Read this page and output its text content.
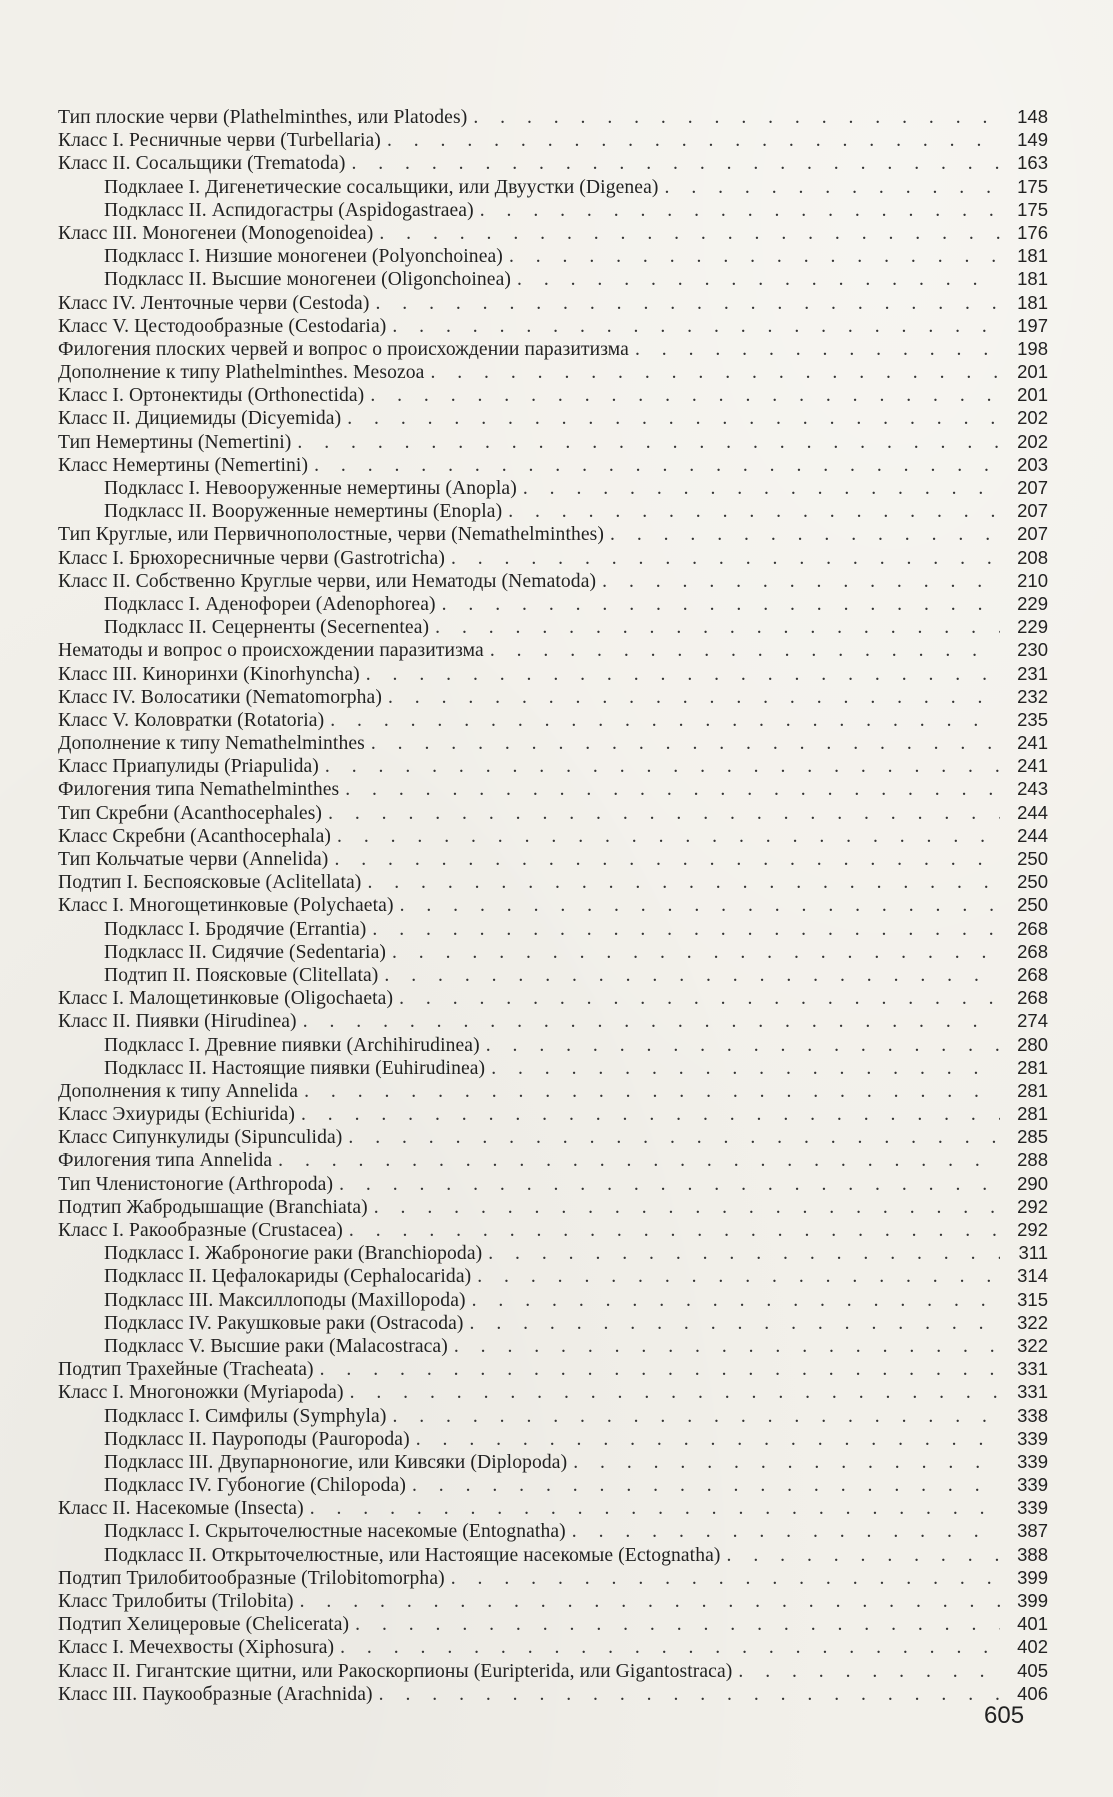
Тип плоские черви (Plathelminthes, или Platodes) . . .	148
Класс I. Ресничные черви (Turbellaria) . . .	149
Класс II. Сосальщики (Trematoda) . . .	163
Подклаее I. Дигенетические сосальщики, или Двуустки (Digenea) . . .	175
Подкласс II. Аспидогастры (Aspidogastraea) . . .	175
Класс III. Моногенеи (Monogenoidea) . . .	176
Подкласс I. Низшие моногенеи (Polyonchoinea) . . .	181
Подкласс II. Высшие моногенеи (Oligonchoinea) . . .	181
Класс IV. Ленточные черви (Cestoda) . . .	181
Класс V. Цестодообразные (Cestodaria) . . .	197
Филогения плоских червей и вопрос о происхождении паразитизма . . .	198
Дополнение к типу Plathelminthes. Mesozoa . . .	201
Класс I. Ортонектиды (Orthonectida) . . .	201
Класс II. Дициемиды (Dicyemida) . . .	202
Тип Немертины (Nemertini) . . .	202
Класс Немертины (Nemertini) . . .	203
Подкласс I. Невооруженные немертины (Anopla) . . .	207
Подкласс II. Вооруженные немертины (Enopla) . . .	207
Тип Круглые, или Первичнополостные, черви (Nemathelminthes) . . .	207
Класс I. Брюхоресничные черви (Gastrotricha) . . .	208
Класс II. Собственно Круглые черви, или Нематоды (Nematoda) . . .	210
Подкласс I. Аденофореи (Adenophorea) . . .	229
Подкласс II. Сецерненты (Secernentea) . . .	229
Нематоды и вопрос о происхождении паразитизма . . .	230
Класс III. Киноринхи (Kinorhyncha) . . .	231
Класс IV. Волосатики (Nematomorpha) . . .	232
Класс V. Коловратки (Rotatoria) . . .	235
Дополнение к типу Nemathelminthes . . .	241
Класс Приапулиды (Priapulida) . . .	241
Филогения типа Nemathelminthes . . .	243
Тип Скребни (Acanthocephales) . . .	244
Класс Скребни (Acanthocephala) . . .	244
Тип Кольчатые черви (Annelida) . . .	250
Подтип I. Беспоясковые (Aclitellata) . . .	250
Класс I. Многощетинковые (Polychaeta) . . .	250
Подкласс I. Бродячие (Errantia) . . .	268
Подкласс II. Сидячие (Sedentaria) . . .	268
Подтип II. Поясковые (Clitellata) . . .	268
Класс I. Малощетинковые (Oligochaeta) . . .	268
Класс II. Пиявки (Hirudinea) . . .	274
Подкласс I. Древние пиявки (Archihirudinea) . . .	280
Подкласс II. Настоящие пиявки (Euhirudinea) . . .	281
Дополнения к типу Annelida . . .	281
Класс Эхиуриды (Echiurida) . . .	281
Класс Сипункулиды (Sipunculida) . . .	285
Филогения типа Annelida . . .	288
Тип Членистоногие (Arthropoda) . . .	290
Подтип Жабродышащие (Branchiata) . . .	292
Класс I. Ракообразные (Crustacea) . . .	292
Подкласс I. Жаброногие раки (Branchiopoda) . . .	311
Подкласс II. Цефалокариды (Cephalocarida) . . .	314
Подкласс III. Максиллоподы (Maxillopoda) . . .	315
Подкласс IV. Ракушковые раки (Ostracoda) . . .	322
Подкласс V. Высшие раки (Malacostraca) . . .	322
Подтип Трахейные (Tracheata) . . .	331
Класс I. Многоножки (Myriapoda) . . .	331
Подкласс I. Симфилы (Symphyla) . . .	338
Подкласс II. Пауроподы (Pauropoda) . . .	339
Подкласс III. Двупарноногие, или Кивсяки (Diplopoda) . . .	339
Подкласс IV. Губоногие (Chilopoda) . . .	339
Класс II. Насекомые (Insecta) . . .	339
Подкласс I. Скрыточелюстные насекомые (Entognatha) . . .	387
Подкласс II. Открыточелюстные, или Настоящие насекомые (Ectognatha) . . .	388
Подтип Трилобитообразные (Trilobitomorpha) . . .	399
Класс Трилобиты (Trilobita) . . .	399
Подтип Хелицеровые (Chelicerata) . . .	401
Класс I. Мечехвосты (Xiphosura) . . .	402
Класс II. Гигантские щитни, или Ракоскорпионы (Euripterida, или Gigantostraca) . . .	405
Класс III. Паукообразные (Arachnida) . . .	406
605
